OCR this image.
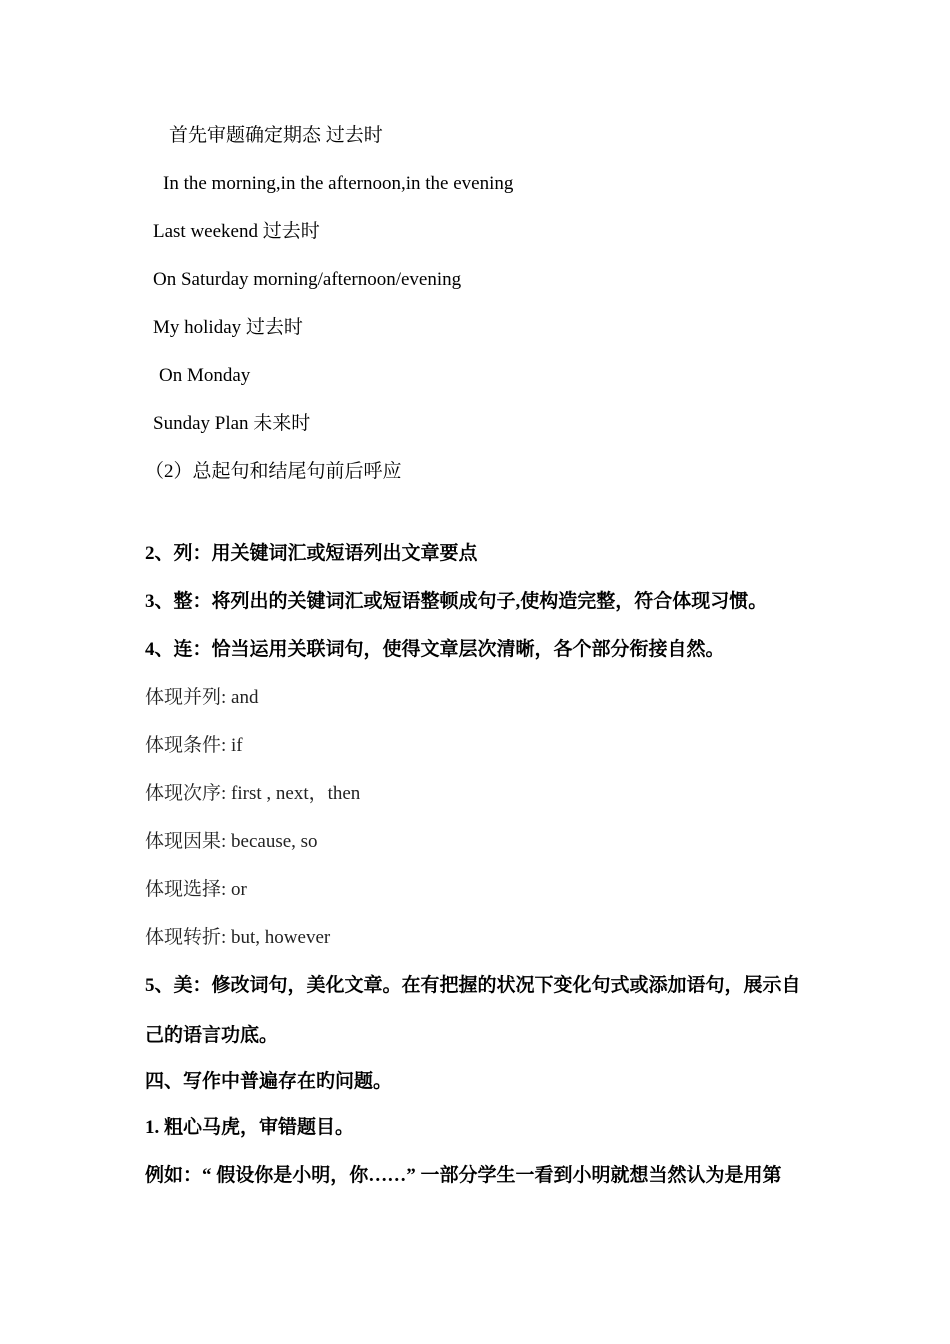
首先审题确定期态 过去时
In the morning,in the afternoon,in the evening
Last weekend 过去时
On Saturday morning/afternoon/evening
My holiday 过去时
On Monday
Sunday Plan 未来时
（2）总起句和结尾句前后呼应
2、列：用关键词汇或短语列出文章要点
3、整：将列出的关键词汇或短语整顿成句子,使构造完整，符合体现习惯。
4、连：恰当运用关联词句，使得文章层次清晰，各个部分衔接自然。
体现并列: and
体现条件: if
体现次序: first , next，then
体现因果: because, so
体现选择: or
体现转折: but, however
5、美：修改词句，美化文章。在有把握的状况下变化句式或添加语句，展示自
己的语言功底。
四、写作中普遍存在旳问题。
1. 粗心马虎，审错题目。
例如：“ 假设你是小明，你……” 一部分学生一看到小明就想当然认为是用第
